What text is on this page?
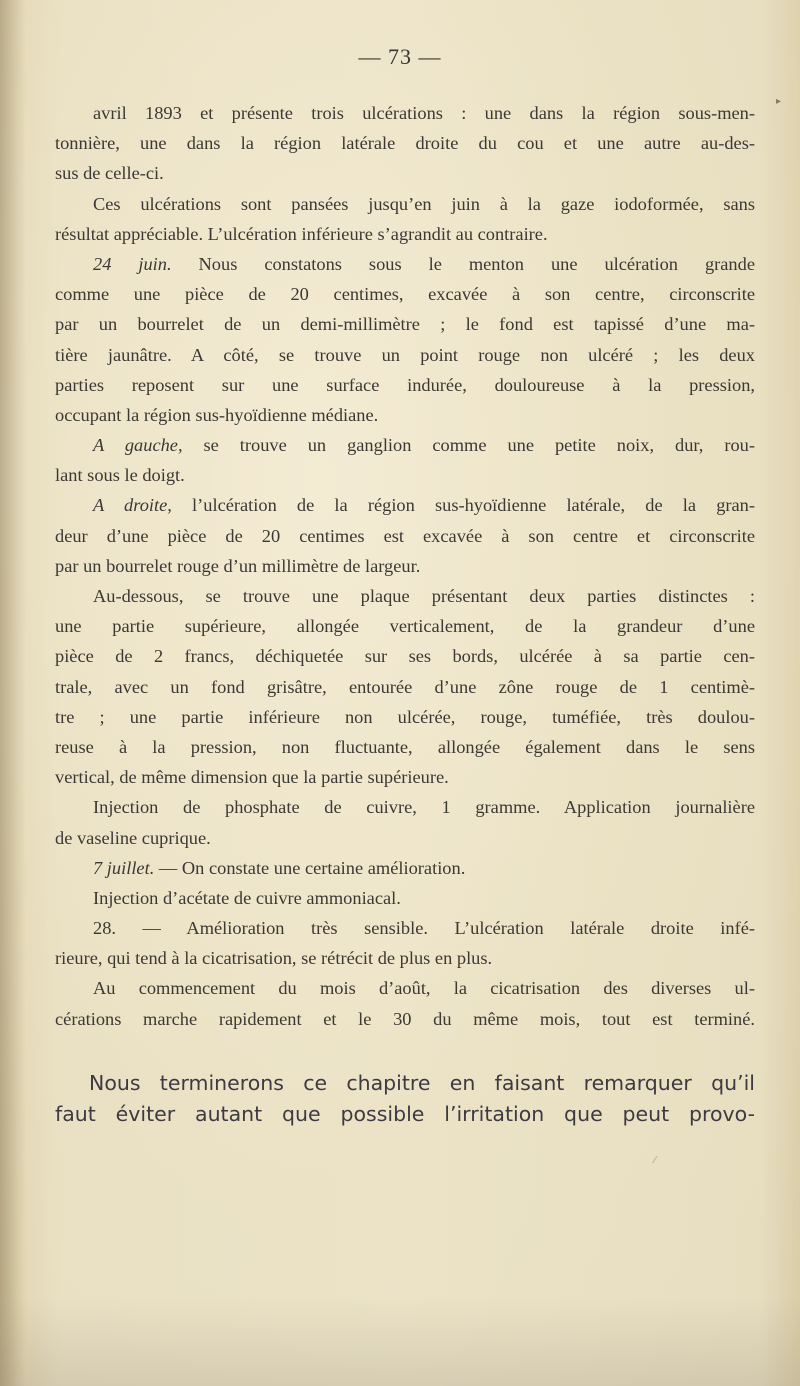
— 73 —
avril 1893 et présente trois ulcérations : une dans la région sous-men-
tonnière, une dans la région latérale droite du cou et une autre au-des-
sus de celle-ci.
Ces ulcérations sont pansées jusqu’en juin à la gaze iodoformée, sans
résultat appréciable. L’ulcération inférieure s’agrandit au contraire.
24 juin. Nous constatons sous le menton une ulcération grande
comme une pièce de 20 centimes, excavée à son centre, circonscrite
par un bourrelet de un demi-millimètre ; le fond est tapissé d’une ma-
tière jaunâtre. A côté, se trouve un point rouge non ulcéré ; les deux
parties reposent sur une surface indurée, douloureuse à la pression,
occupant la région sus-hyoïdienne médiane.
A gauche, se trouve un ganglion comme une petite noix, dur, rou-
lant sous le doigt.
A droite, l’ulcération de la région sus-hyoïdienne latérale, de la gran-
deur d’une pièce de 20 centimes est excavée à son centre et circonscrite
par un bourrelet rouge d’un millimètre de largeur.
Au-dessous, se trouve une plaque présentant deux parties distinctes :
une partie supérieure, allongée verticalement, de la grandeur d’une
pièce de 2 francs, déchiquetée sur ses bords, ulcérée à sa partie cen-
trale, avec un fond grisâtre, entourée d’une zône rouge de 1 centimè-
tre ; une partie inférieure non ulcérée, rouge, tuméfiée, très doulou-
reuse à la pression, non fluctuante, allongée également dans le sens
vertical, de même dimension que la partie supérieure.
Injection de phosphate de cuivre, 1 gramme. Application journalière
de vaseline cuprique.
7 juillet. — On constate une certaine amélioration.
Injection d’acétate de cuivre ammoniacal.
28. — Amélioration très sensible. L’ulcération latérale droite infé-
rieure, qui tend à la cicatrisation, se rétrécit de plus en plus.
Au commencement du mois d’août, la cicatrisation des diverses ul-
cérations marche rapidement et le 30 du même mois, tout est terminé.
Nous terminerons ce chapitre en faisant remarquer qu’il
faut éviter autant que possible l’irritation que peut provo-
▸
⁄
